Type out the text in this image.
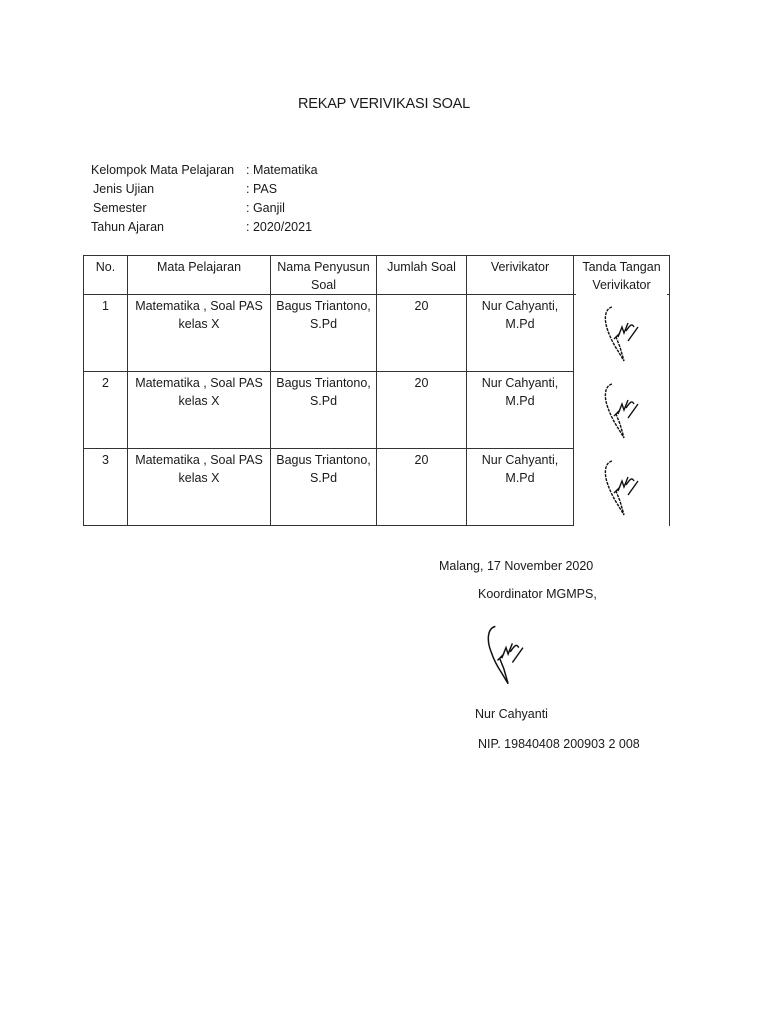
REKAP VERIVIKASI SOAL
Kelompok Mata Pelajaran : Matematika
Jenis Ujian	: PAS
Semester	: Ganjil
Tahun Ajaran	: 2020/2021
No.	Mata Pelajaran	Nama Penyusun Soal	Jumlah Soal	Verivikator	Tanda Tangan Verivikator
1	Matematika , Soal PAS kelas X	Bagus Triantono, S.Pd	20	Nur Cahyanti, M.Pd	

2	Matematika , Soal PAS kelas X	Bagus Triantono, S.Pd	20	Nur Cahyanti, M.Pd	

3	Matematika , Soal PAS kelas X	Bagus Triantono, S.Pd	20	Nur Cahyanti, M.Pd	
Malang, 17 November 2020
Koordinator MGMPS,
Nur Cahyanti
NIP. 19840408 200903 2 008
